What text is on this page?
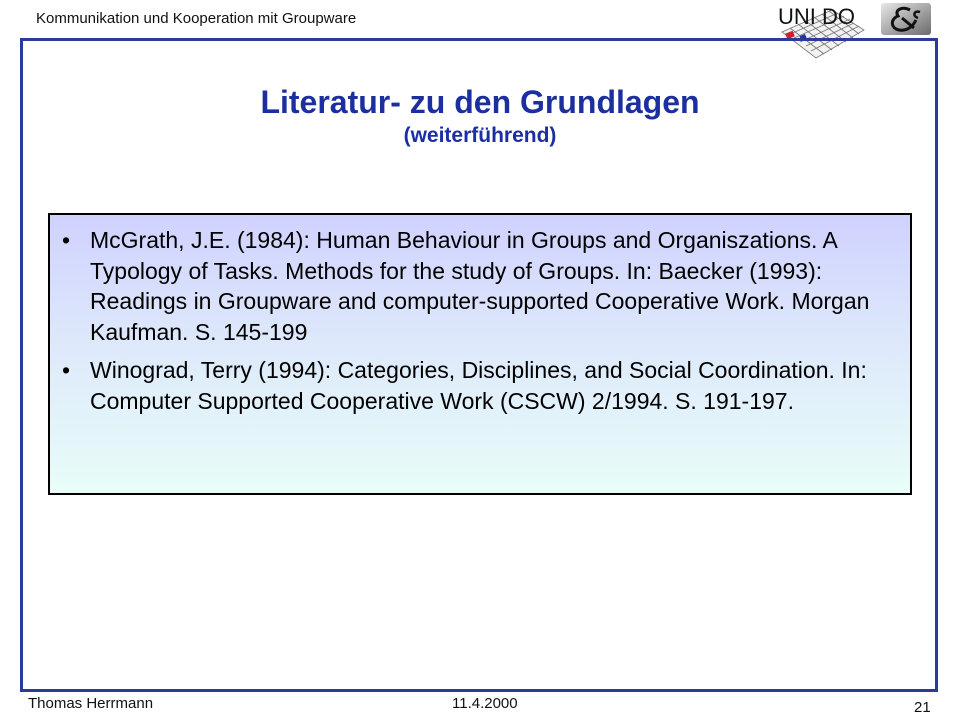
Kommunikation und Kooperation mit Groupware	UNI DO
Literatur- zu den Grundlagen
(weiterführend)
• McGrath, J.E. (1984): Human Behaviour in Groups and Organiszations. A Typology of Tasks. Methods for the study of Groups. In: Baecker (1993): Readings in Groupware and computer-supported Cooperative Work. Morgan Kaufman. S. 145-199
• Winograd, Terry (1994): Categories, Disciplines, and Social Coordination. In: Computer Supported Cooperative Work (CSCW) 2/1994. S. 191-197.
Thomas Herrmann	11.4.2000	21
